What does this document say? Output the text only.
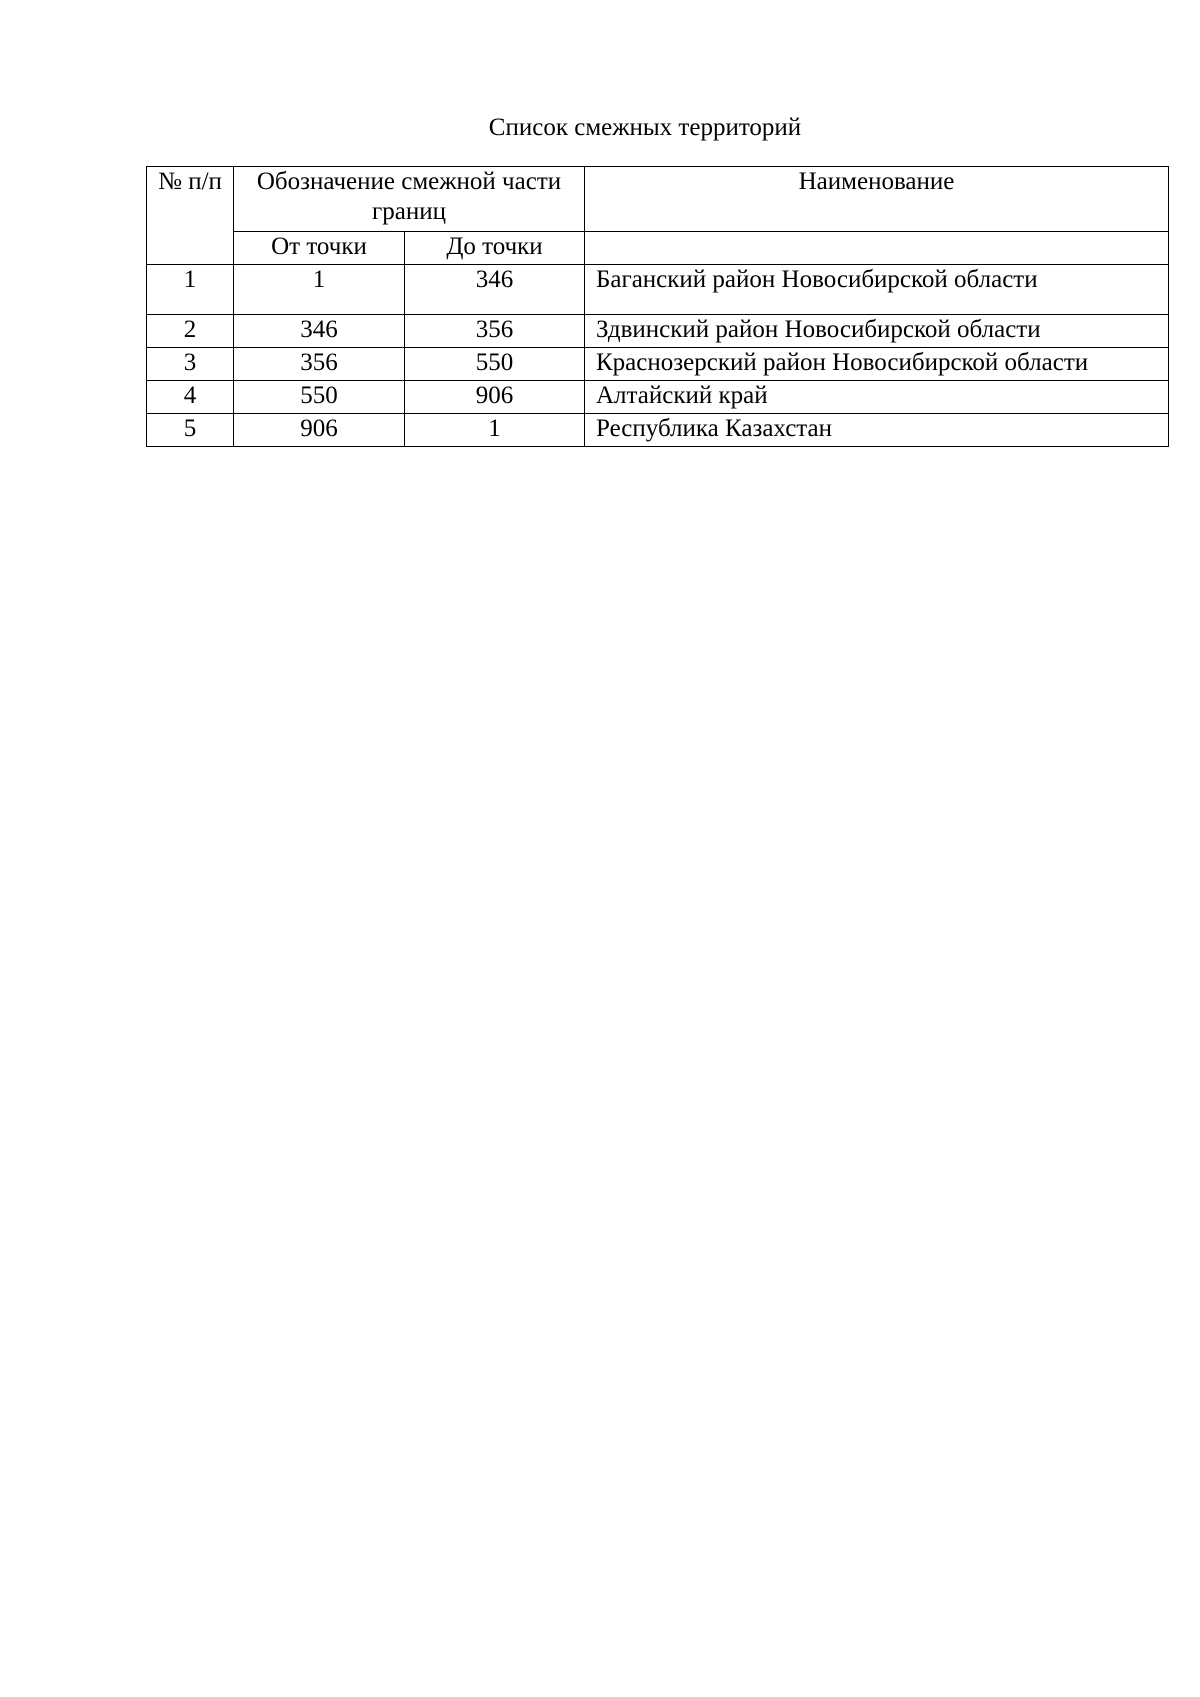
Список смежных территорий
№ п/п	Обозначение смежной части границ		Наименование
	От точки	До точки	
1	1	346	Баганский район Новосибирской области
2	346	356	Здвинский район Новосибирской области
3	356	550	Краснозерский район Новосибирской области
4	550	906	Алтайский край
5	906	1	Республика Казахстан
